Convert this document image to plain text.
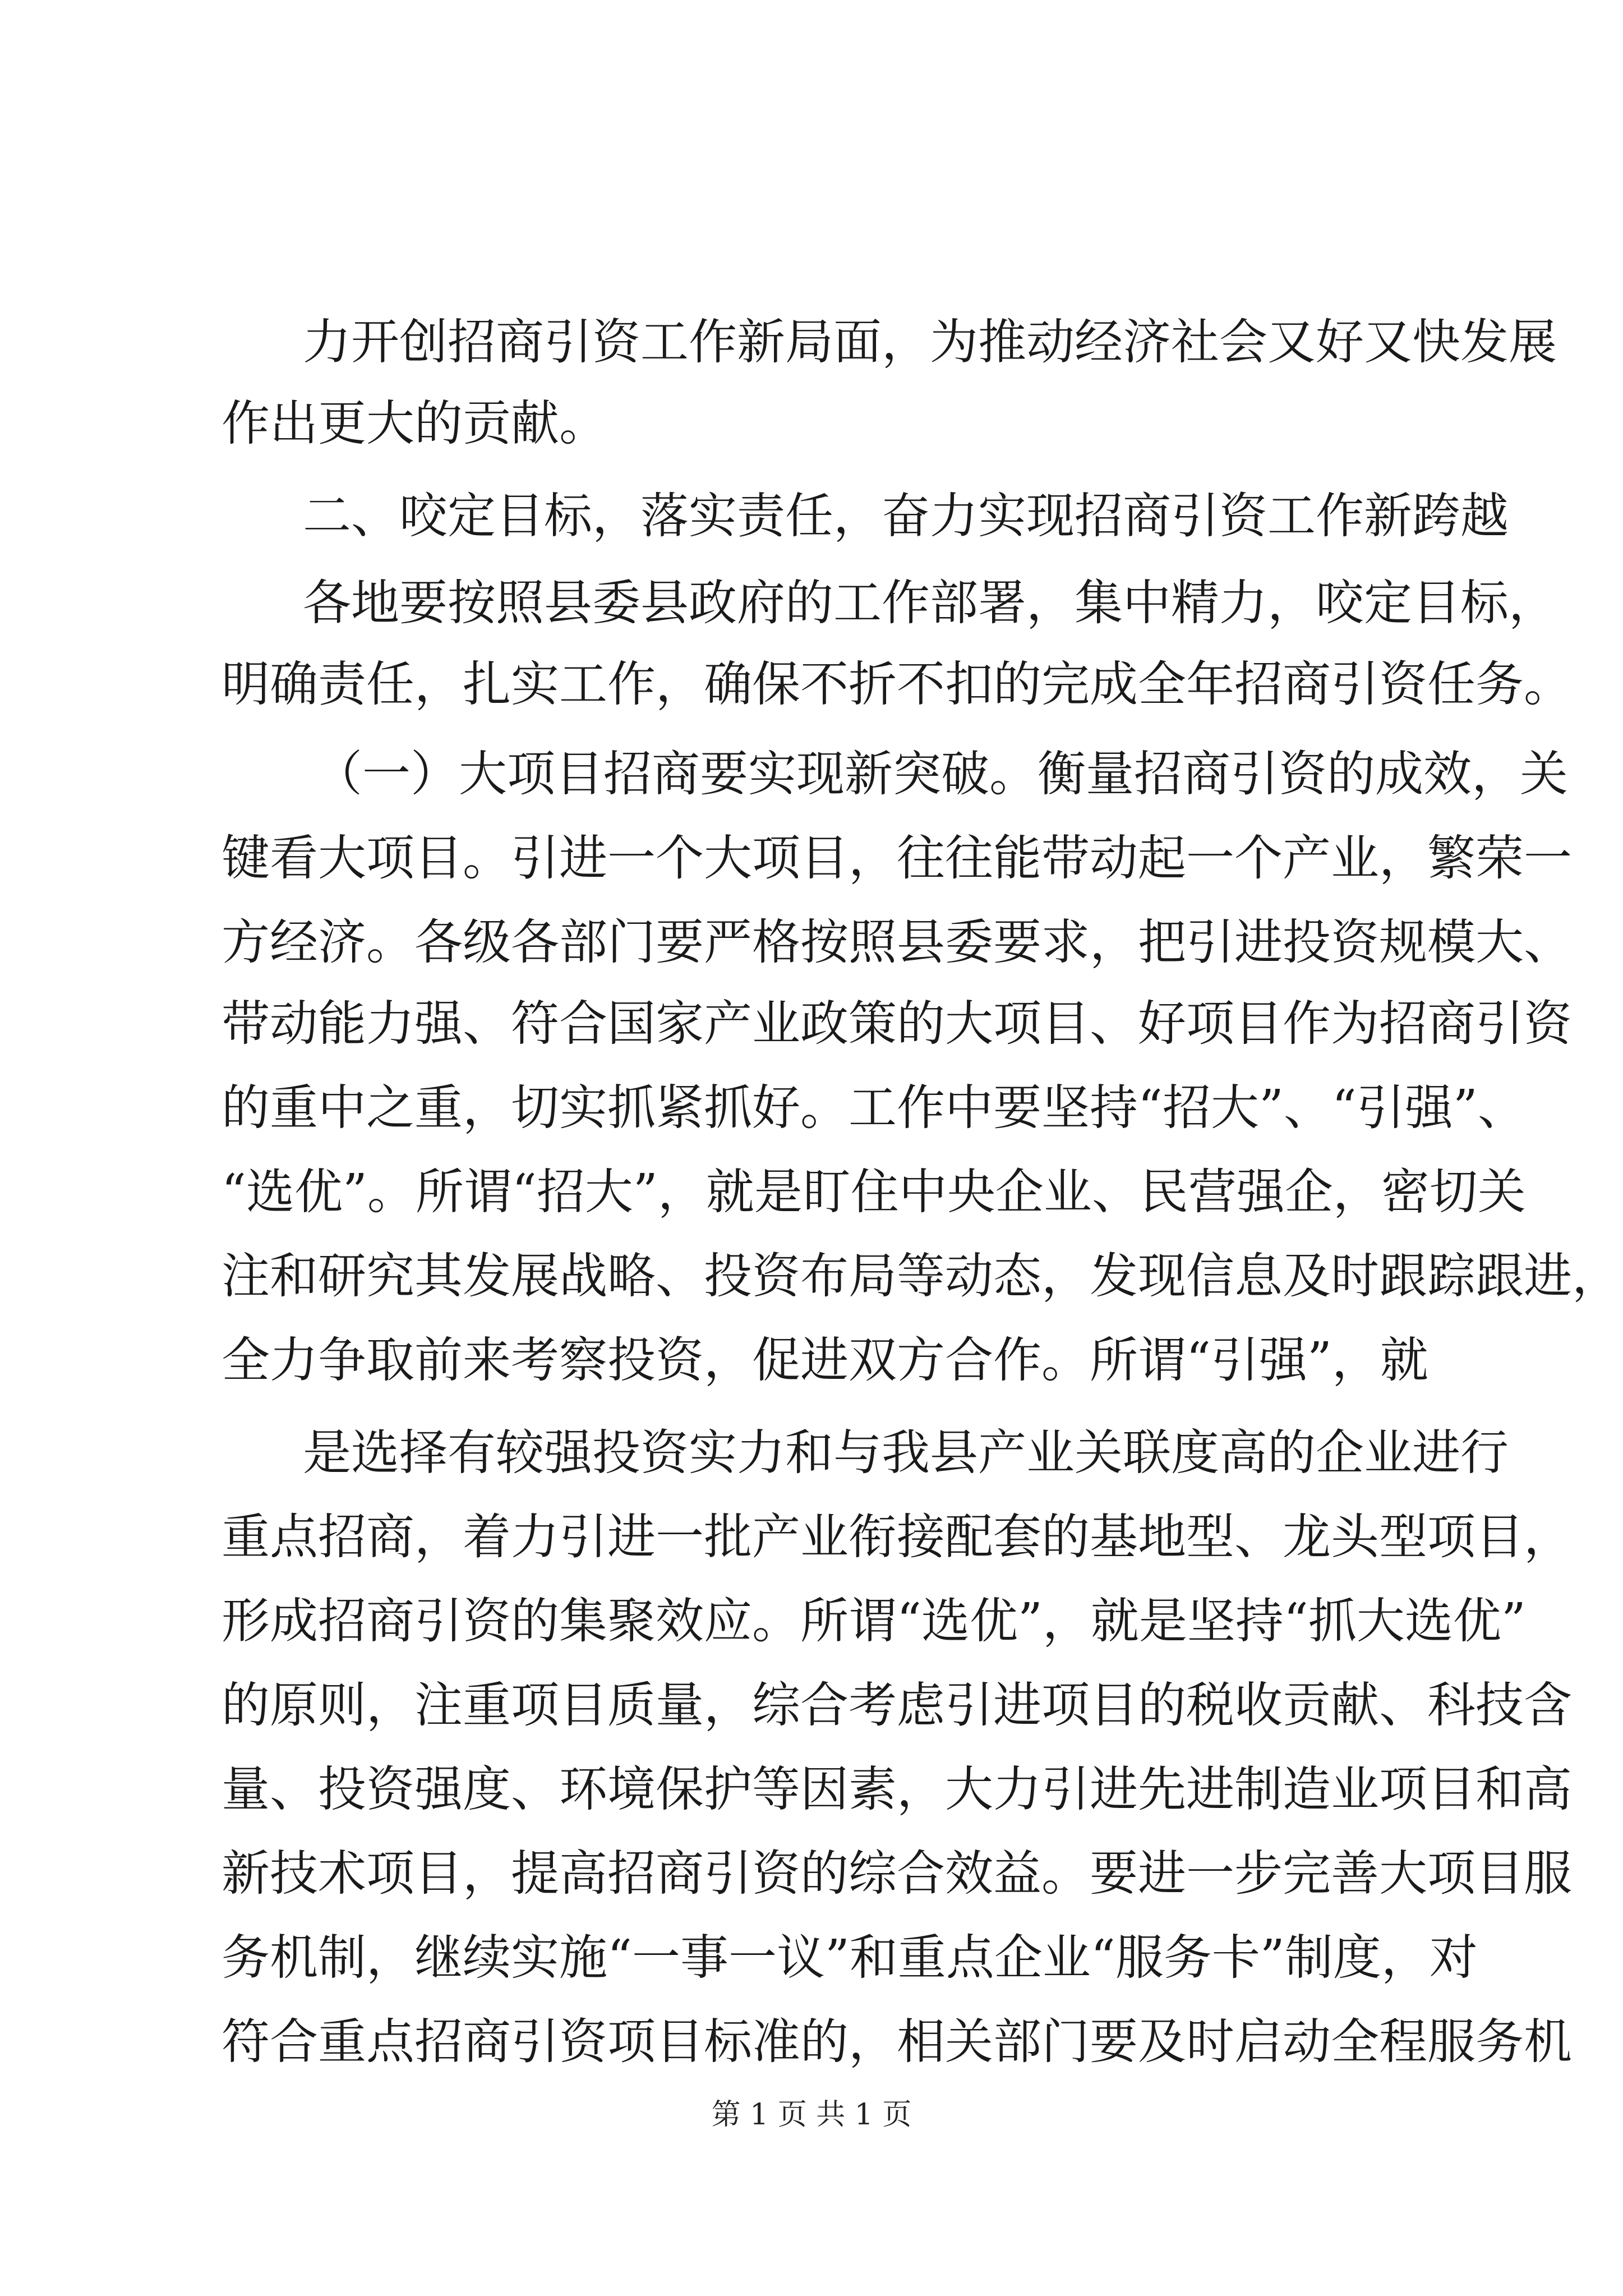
力开创招商引资工作新局面，为推动经济社会又好又快发展
作出更大的贡献。
二、咬定目标，落实责任，奋力实现招商引资工作新跨越
各地要按照县委县政府的工作部署，集中精力，咬定目标，
明确责任，扎实工作，确保不折不扣的完成全年招商引资任务。
（一）大项目招商要实现新突破。衡量招商引资的成效，关
键看大项目。引进一个大项目，往往能带动起一个产业，繁荣一
方经济。各级各部门要严格按照县委要求，把引进投资规模大、
带动能力强、符合国家产业政策的大项目、好项目作为招商引资
的重中之重，切实抓紧抓好。工作中要坚持“招大”、“引强”、
“选优”。所谓“招大”，就是盯住中央企业、民营强企，密切关
注和研究其发展战略、投资布局等动态，发现信息及时跟踪跟进，
全力争取前来考察投资，促进双方合作。所谓“引强”，就
是选择有较强投资实力和与我县产业关联度高的企业进行
重点招商，着力引进一批产业衔接配套的基地型、龙头型项目，
形成招商引资的集聚效应。所谓“选优”，就是坚持“抓大选优”
的原则，注重项目质量，综合考虑引进项目的税收贡献、科技含
量、投资强度、环境保护等因素，大力引进先进制造业项目和高
新技术项目，提高招商引资的综合效益。要进一步完善大项目服
务机制，继续实施“一事一议”和重点企业“服务卡”制度，对
符合重点招商引资项目标准的，相关部门要及时启动全程服务机
第 1 页 共 1 页
